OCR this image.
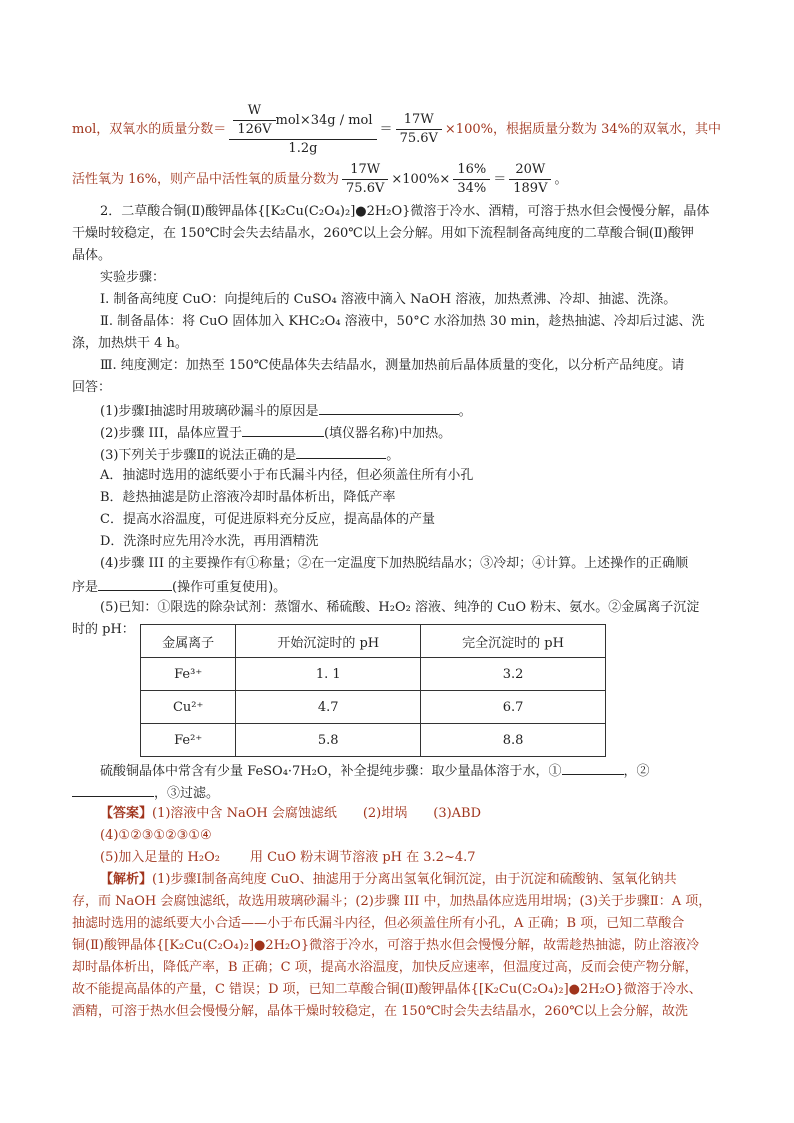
mol，双氧水的质量分数＝ $\frac{\frac{W}{126V} mol\times 34g / mol}{1.2g} = \frac{17W}{75.6V} \times 100\%$，根据质量分数为 34%的双氧水，其中
活性氧为 16%，则产品中活性氧的质量分数为 $\frac{17W}{75.6V} \times 100\%\times \frac{16\%}{34\%} = \frac{20W}{189V}$ 。
2．二草酸合铜(Ⅱ)酸钾晶体{[K₂Cu(C₂O₄)₂]●2H₂O}微溶于冷水、酒精，可溶于热水但会慢慢分解，晶体
干燥时较稳定，在 150℃时会失去结晶水，260℃以上会分解。用如下流程制备高纯度的二草酸合铜(Ⅱ)酸钾
晶体。
实验步骤：
Ⅰ. 制备高纯度 CuO：向提纯后的 CuSO₄ 溶液中滴入 NaOH 溶液，加热煮沸、冷却、抽滤、洗涤。
Ⅱ. 制备晶体：将 CuO 固体加入 KHC₂O₄ 溶液中，50°C 水浴加热 30 min，趁热抽滤、冷却后过滤、洗
涤，加热烘干 4 h。
Ⅲ. 纯度测定：加热至 150℃使晶体失去结晶水，测量加热前后晶体质量的变化，以分析产品纯度。请
回答：
(1)步骤Ⅰ抽滤时用玻璃砂漏斗的原因是	。
(2)步骤 III，晶体应置于	(填仪器名称)中加热。
(3)下列关于步骤Ⅱ的说法正确的是	。
A．抽滤时选用的滤纸要小于布氏漏斗内径，但必须盖住所有小孔
B．趁热抽滤是防止溶液冷却时晶体析出，降低产率
C．提高水浴温度，可促进原料充分反应，提高晶体的产量
D．洗涤时应先用冷水洗，再用酒精洗
(4)步骤 III 的主要操作有①称量；②在一定温度下加热脱结晶水；③冷却；④计算。上述操作的正确顺
序是	(操作可重复使用)。
(5)已知：①限选的除杂试剂：蒸馏水、稀硫酸、H₂O₂ 溶液、纯净的 CuO 粉末、氨水。②金属离子沉淀
时的 pH：
金属离子	开始沉淀时的 pH	完全沉淀时的 pH
Fe³⁺	1. 1	3.2
Cu²⁺	4.7	6.7
Fe²⁺	5.8	8.8
硫酸铜晶体中常含有少量 FeSO₄·7H₂O，补全提纯步骤：取少量晶体溶于水，①	，②
，③过滤。
【答案】(1)溶液中含 NaOH 会腐蚀滤纸 (2)坩埚 (3)ABD
(4)①②③①②③①④
(5)加入足量的 H₂O₂ 用 CuO 粉末调节溶液 pH 在 3.2~4.7
【解析】(1)步骤Ⅰ制备高纯度 CuO、抽滤用于分离出氢氧化铜沉淀，由于沉淀和硫酸钠、氢氧化钠共
存，而 NaOH 会腐蚀滤纸，故选用玻璃砂漏斗；(2)步骤 III 中，加热晶体应选用坩埚；(3)关于步骤Ⅱ：A 项，
抽滤时选用的滤纸要大小合适——小于布氏漏斗内径，但必须盖住所有小孔，A 正确；B 项，已知二草酸合
铜(Ⅱ)酸钾晶体{[K₂Cu(C₂O₄)₂]●2H₂O}微溶于冷水，可溶于热水但会慢慢分解，故需趁热抽滤，防止溶液冷
却时晶体析出，降低产率，B 正确；C 项，提高水浴温度，加快反应速率，但温度过高，反而会使产物分解，
故不能提高晶体的产量，C 错误；D 项，已知二草酸合铜(Ⅱ)酸钾晶体{[K₂Cu(C₂O₄)₂]●2H₂O}微溶于冷水、
酒精，可溶于热水但会慢慢分解，晶体干燥时较稳定，在 150℃时会失去结晶水，260℃以上会分解，故洗
